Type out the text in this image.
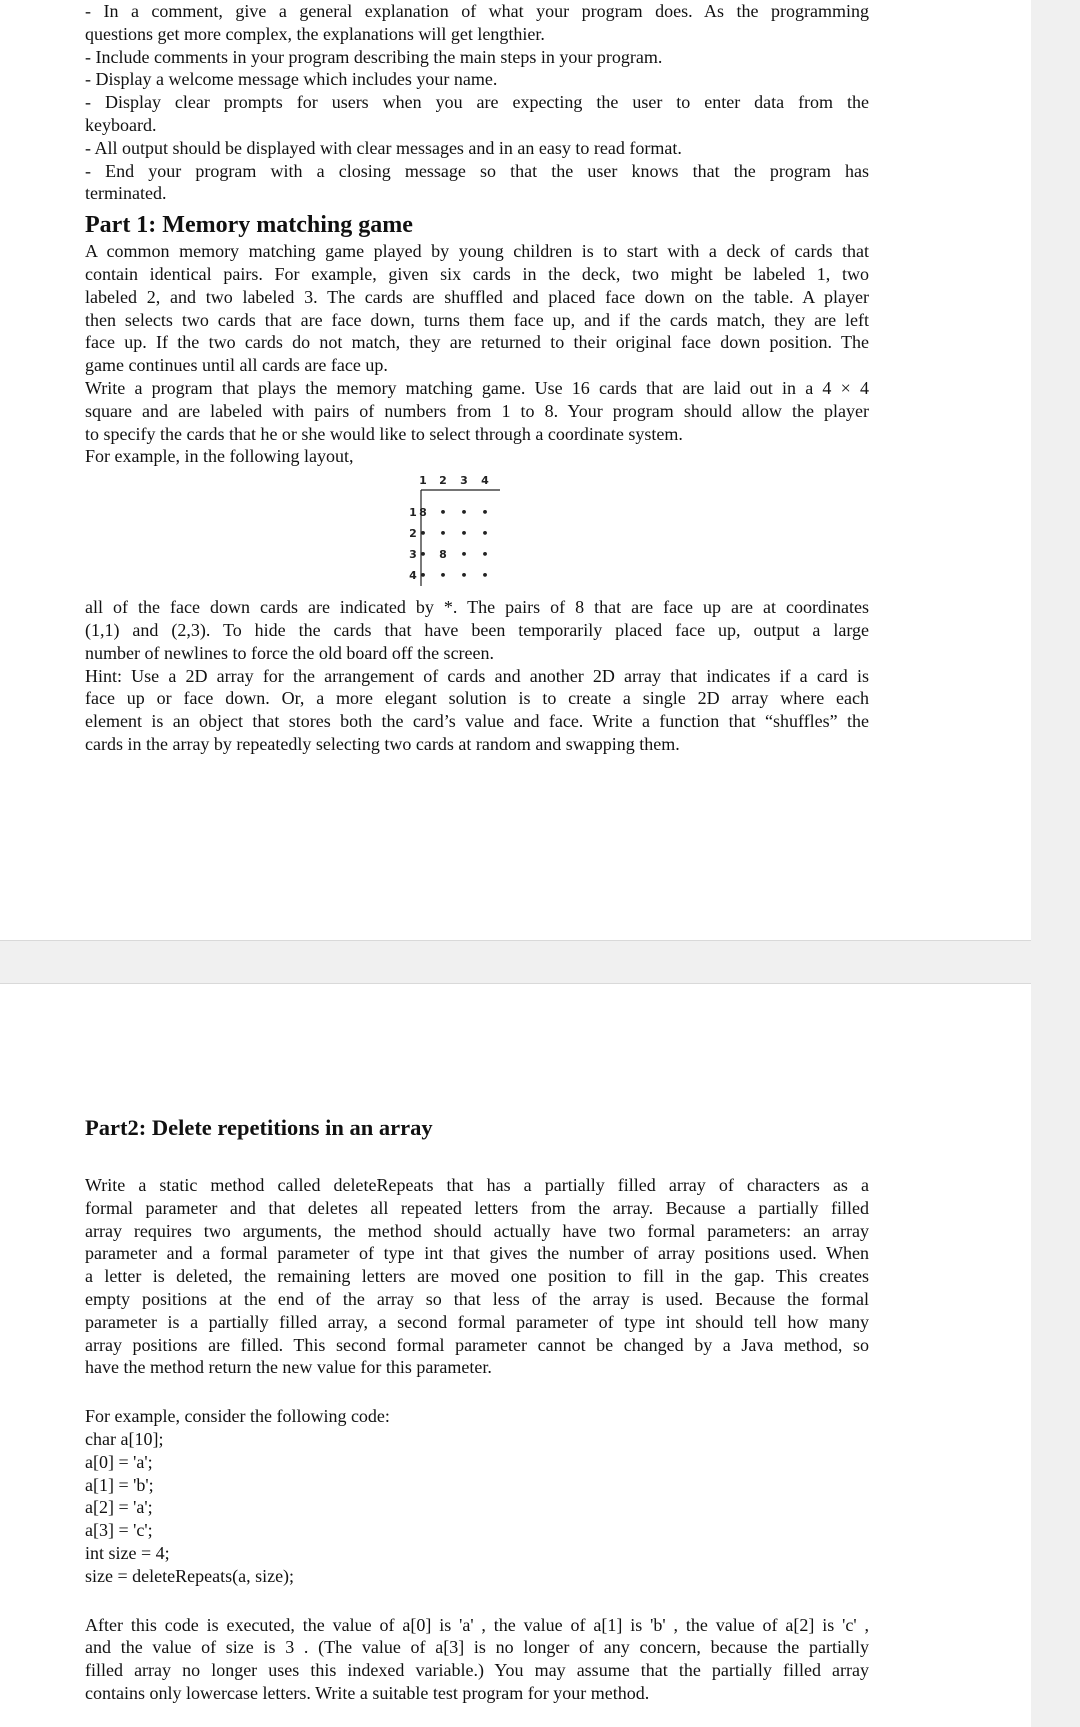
- In a comment, give a general explanation of what your program does. As the programming

questions get more complex, the explanations will get lengthier.

- Include comments in your program describing the main steps in your program.

- Display a welcome message which includes your name.

- Display clear prompts for users when you are expecting the user to enter data from the

keyboard.

- All output should be displayed with clear messages and in an easy to read format.

- End your program with a closing message so that the user knows that the program has

terminated.

Part 1: Memory matching game

A common memory matching game played by young children is to start with a deck of cards that

contain identical pairs. For example, given six cards in the deck, two might be labeled 1, two

labeled 2, and two labeled 3. The cards are shuffled and placed face down on the table. A player

then selects two cards that are face down, turns them face up, and if the cards match, they are left

face up. If the two cards do not match, they are returned to their original face down position. The

game continues until all cards are face up.

Write a program that plays the memory matching game. Use 16 cards that are laid out in a 4 × 4

square and are labeled with pairs of numbers from 1 to 8. Your program should allow the player

to specify the cards that he or she would like to select through a coordinate system.

For example, in the following layout,

1 2 3 4
1
2
3
4
8 • • •
• • • •
• 8 • •
• • • •

all of the face down cards are indicated by *. The pairs of 8 that are face up are at coordinates

(1,1) and (2,3). To hide the cards that have been temporarily placed face up, output a large

number of newlines to force the old board off the screen.

Hint: Use a 2D array for the arrangement of cards and another 2D array that indicates if a card is

face up or face down. Or, a more elegant solution is to create a single 2D array where each

element is an object that stores both the card’s value and face. Write a function that “shuffles” the

cards in the array by repeatedly selecting two cards at random and swapping them.

Part2: Delete repetitions in an array

Write a static method called deleteRepeats that has a partially filled array of characters as a

formal parameter and that deletes all repeated letters from the array. Because a partially filled

array requires two arguments, the method should actually have two formal parameters: an array

parameter and a formal parameter of type int that gives the number of array positions used. When

a letter is deleted, the remaining letters are moved one position to fill in the gap. This creates

empty positions at the end of the array so that less of the array is used. Because the formal

parameter is a partially filled array, a second formal parameter of type int should tell how many

array positions are filled. This second formal parameter cannot be changed by a Java method, so

have the method return the new value for this parameter.

For example, consider the following code:

char a[10];

a[0] = 'a';

a[1] = 'b';

a[2] = 'a';

a[3] = 'c';

int size = 4;

size = deleteRepeats(a, size);

After this code is executed, the value of a[0] is 'a' , the value of a[1] is 'b' , the value of a[2] is 'c' ,

and the value of size is 3 . (The value of a[3] is no longer of any concern, because the partially

filled array no longer uses this indexed variable.) You may assume that the partially filled array

contains only lowercase letters. Write a suitable test program for your method.
